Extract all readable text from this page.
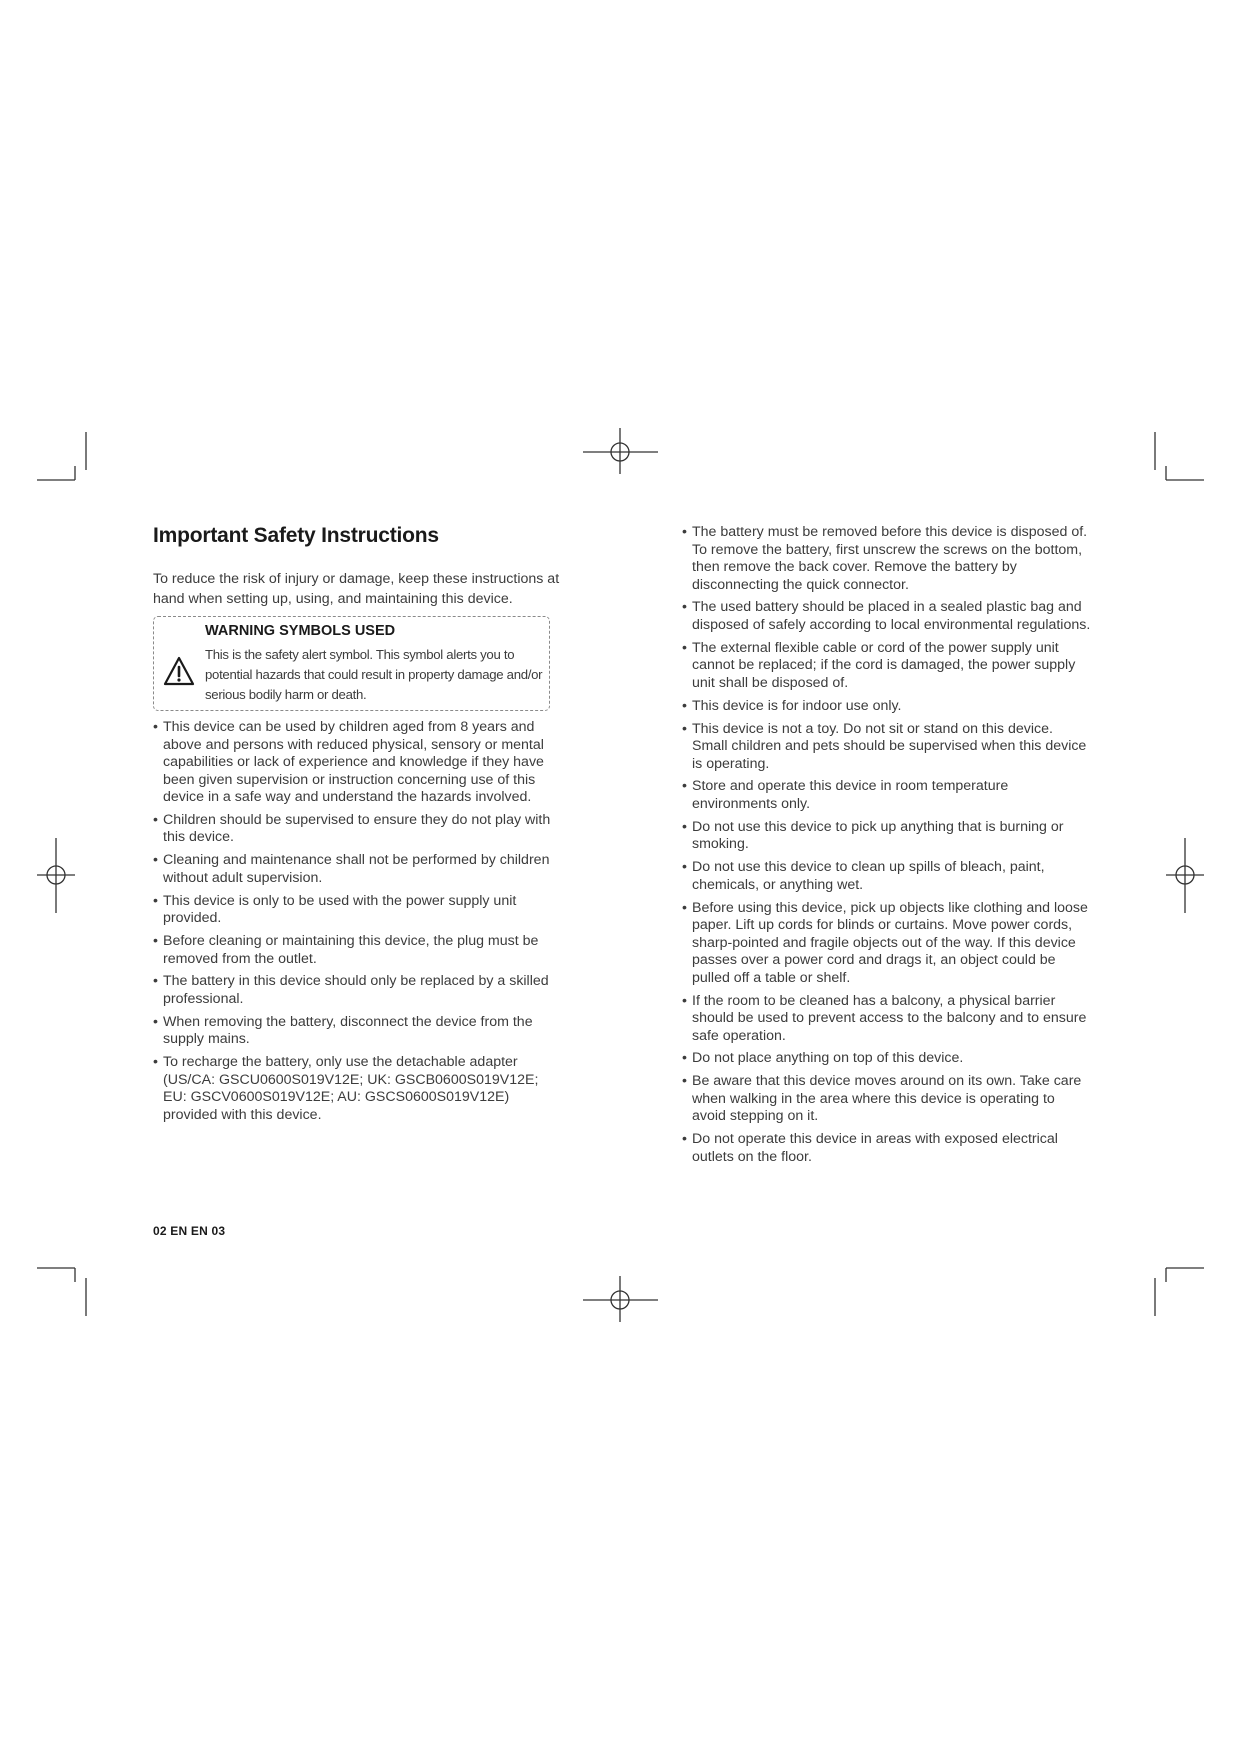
Important Safety Instructions
To reduce the risk of injury or damage, keep these instructions at hand when setting up, using, and maintaining this device.
WARNING SYMBOLS USED
This is the safety alert symbol. This symbol alerts you to potential hazards that could result in property damage and/or serious bodily harm or death.
• This device can be used by children aged from 8 years and above and persons with reduced physical, sensory or mental capabilities or lack of experience and knowledge if they have been given supervision or instruction concerning use of this device in a safe way and understand the hazards involved.
• Children should be supervised to ensure they do not play with this device.
• Cleaning and maintenance shall not be performed by children without adult supervision.
• This device is only to be used with the power supply unit provided.
• Before cleaning or maintaining this device, the plug must be removed from the outlet.
• The battery in this device should only be replaced by a skilled professional.
• When removing the battery, disconnect the device from the supply mains.
• To recharge the battery, only use the detachable adapter (US/CA: GSCU0600S019V12E; UK: GSCB0600S019V12E; EU: GSCV0600S019V12E; AU: GSCS0600S019V12E) provided with this device.
• The battery must be removed before this device is disposed of. To remove the battery, first unscrew the screws on the bottom, then remove the back cover. Remove the battery by disconnecting the quick connector.
• The used battery should be placed in a sealed plastic bag and disposed of safely according to local environmental regulations.
• The external flexible cable or cord of the power supply unit cannot be replaced; if the cord is damaged, the power supply unit shall be disposed of.
• This device is for indoor use only.
• This device is not a toy. Do not sit or stand on this device. Small children and pets should be supervised when this device is operating.
• Store and operate this device in room temperature environments only.
• Do not use this device to pick up anything that is burning or smoking.
• Do not use this device to clean up spills of bleach, paint, chemicals, or anything wet.
• Before using this device, pick up objects like clothing and loose paper. Lift up cords for blinds or curtains. Move power cords, sharp-pointed and fragile objects out of the way. If this device passes over a power cord and drags it, an object could be pulled off a table or shelf.
• If the room to be cleaned has a balcony, a physical barrier should be used to prevent access to the balcony and to ensure safe operation.
• Do not place anything on top of this device.
• Be aware that this device moves around on its own. Take care when walking in the area where this device is operating to avoid stepping on it.
• Do not operate this device in areas with exposed electrical outlets on the floor.
02 EN EN 03
